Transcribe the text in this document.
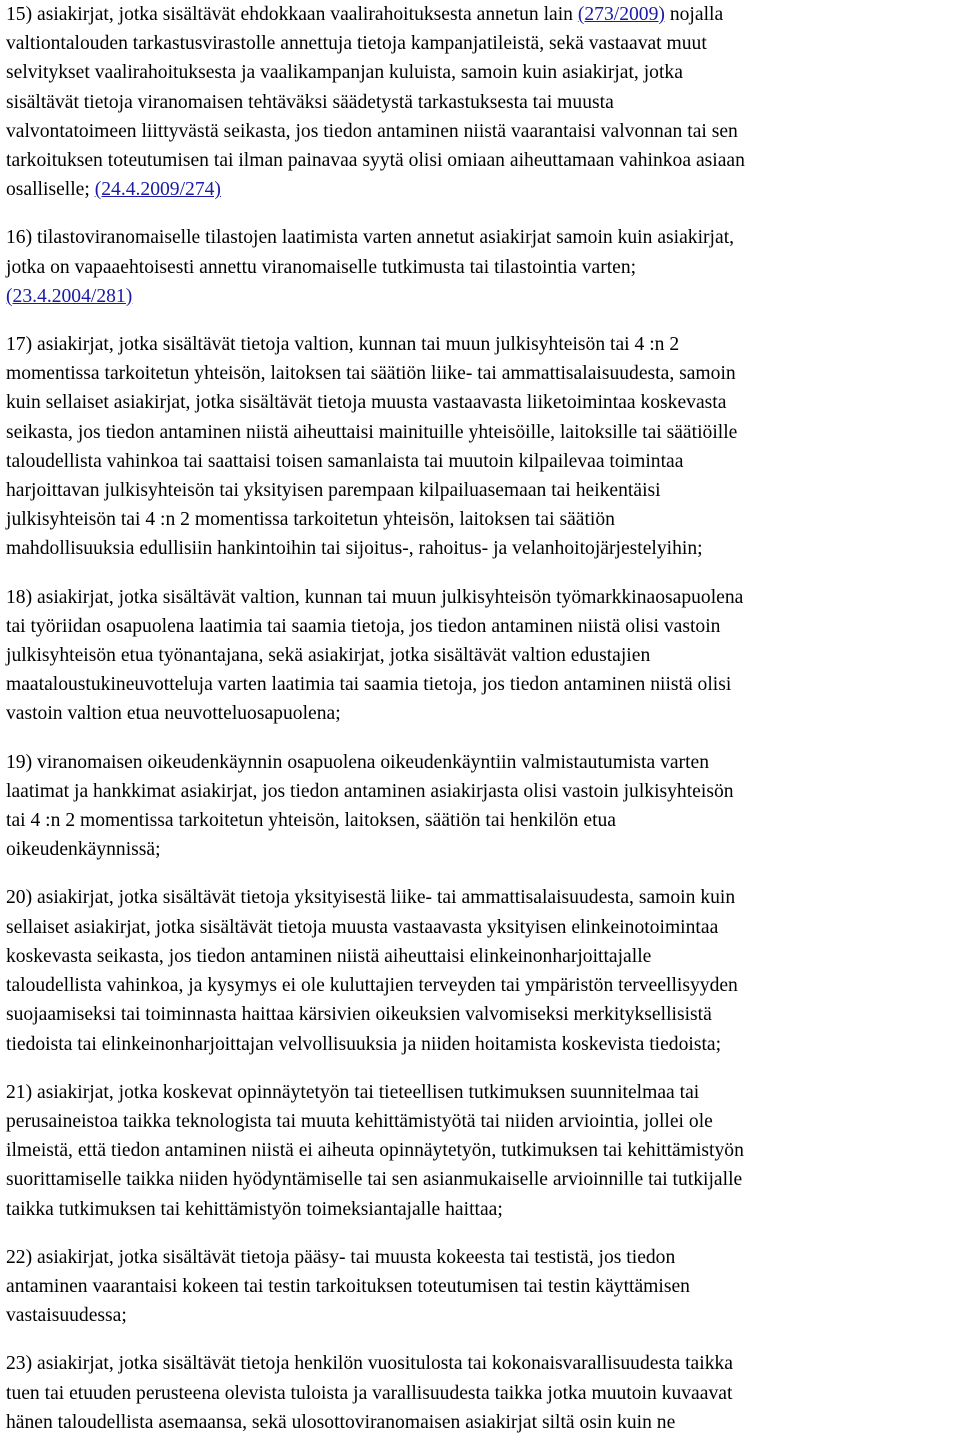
15) asiakirjat, jotka sisältävät ehdokkaan vaalirahoituksesta annetun lain (273/2009) nojalla
valtiontalouden tarkastusvirastolle annettuja tietoja kampanjatileistä, sekä vastaavat muut
selvitykset vaalirahoituksesta ja vaalikampanjan kuluista, samoin kuin asiakirjat, jotka
sisältävät tietoja viranomaisen tehtäväksi säädetystä tarkastuksesta tai muusta
valvontatoimeen liittyvästä seikasta, jos tiedon antaminen niistä vaarantaisi valvonnan tai sen
tarkoituksen toteutumisen tai ilman painavaa syytä olisi omiaan aiheuttamaan vahinkoa asiaan
osalliselle; (24.4.2009/274)

16) tilastoviranomaiselle tilastojen laatimista varten annetut asiakirjat samoin kuin asiakirjat,
jotka on vapaaehtoisesti annettu viranomaiselle tutkimusta tai tilastointia varten;
(23.4.2004/281)

17) asiakirjat, jotka sisältävät tietoja valtion, kunnan tai muun julkisyhteisön tai 4 :n 2
momentissa tarkoitetun yhteisön, laitoksen tai säätiön liike- tai ammattisalaisuudesta, samoin
kuin sellaiset asiakirjat, jotka sisältävät tietoja muusta vastaavasta liiketoimintaa koskevasta
seikasta, jos tiedon antaminen niistä aiheuttaisi mainituille yhteisöille, laitoksille tai säätiöille
taloudellista vahinkoa tai saattaisi toisen samanlaista tai muutoin kilpailevaa toimintaa
harjoittavan julkisyhteisön tai yksityisen parempaan kilpailuasemaan tai heikentäisi
julkisyhteisön tai 4 :n 2 momentissa tarkoitetun yhteisön, laitoksen tai säätiön
mahdollisuuksia edullisiin hankintoihin tai sijoitus-, rahoitus- ja velanhoitojärjestelyihin;

18) asiakirjat, jotka sisältävät valtion, kunnan tai muun julkisyhteisön työmarkkinaosapuolena
tai työriidan osapuolena laatimia tai saamia tietoja, jos tiedon antaminen niistä olisi vastoin
julkisyhteisön etua työnantajana, sekä asiakirjat, jotka sisältävät valtion edustajien
maataloustukineuvotteluja varten laatimia tai saamia tietoja, jos tiedon antaminen niistä olisi
vastoin valtion etua neuvotteluosapuolena;

19) viranomaisen oikeudenkäynnin osapuolena oikeudenkäyntiin valmistautumista varten
laatimat ja hankkimat asiakirjat, jos tiedon antaminen asiakirjasta olisi vastoin julkisyhteisön
tai 4 :n 2 momentissa tarkoitetun yhteisön, laitoksen, säätiön tai henkilön etua
oikeudenkäynnissä;

20) asiakirjat, jotka sisältävät tietoja yksityisestä liike- tai ammattisalaisuudesta, samoin kuin
sellaiset asiakirjat, jotka sisältävät tietoja muusta vastaavasta yksityisen elinkeinotoimintaa
koskevasta seikasta, jos tiedon antaminen niistä aiheuttaisi elinkeinonharjoittajalle
taloudellista vahinkoa, ja kysymys ei ole kuluttajien terveyden tai ympäristön terveellisyyden
suojaamiseksi tai toiminnasta haittaa kärsivien oikeuksien valvomiseksi merkityksellisistä
tiedoista tai elinkeinonharjoittajan velvollisuuksia ja niiden hoitamista koskevista tiedoista;

21) asiakirjat, jotka koskevat opinnäytetyön tai tieteellisen tutkimuksen suunnitelmaa tai
perusaineistoa taikka teknologista tai muuta kehittämistyötä tai niiden arviointia, jollei ole
ilmeistä, että tiedon antaminen niistä ei aiheuta opinnäytetyön, tutkimuksen tai kehittämistyön
suorittamiselle taikka niiden hyödyntämiselle tai sen asianmukaiselle arvioinnille tai tutkijalle
taikka tutkimuksen tai kehittämistyön toimeksiantajalle haittaa;

22) asiakirjat, jotka sisältävät tietoja pääsy- tai muusta kokeesta tai testistä, jos tiedon
antaminen vaarantaisi kokeen tai testin tarkoituksen toteutumisen tai testin käyttämisen
vastaisuudessa;

23) asiakirjat, jotka sisältävät tietoja henkilön vuositulosta tai kokonaisvarallisuudesta taikka
tuen tai etuuden perusteena olevista tuloista ja varallisuudesta taikka jotka muutoin kuvaavat
hänen taloudellista asemaansa, sekä ulosottoviranomaisen asiakirjat siltä osin kuin ne
